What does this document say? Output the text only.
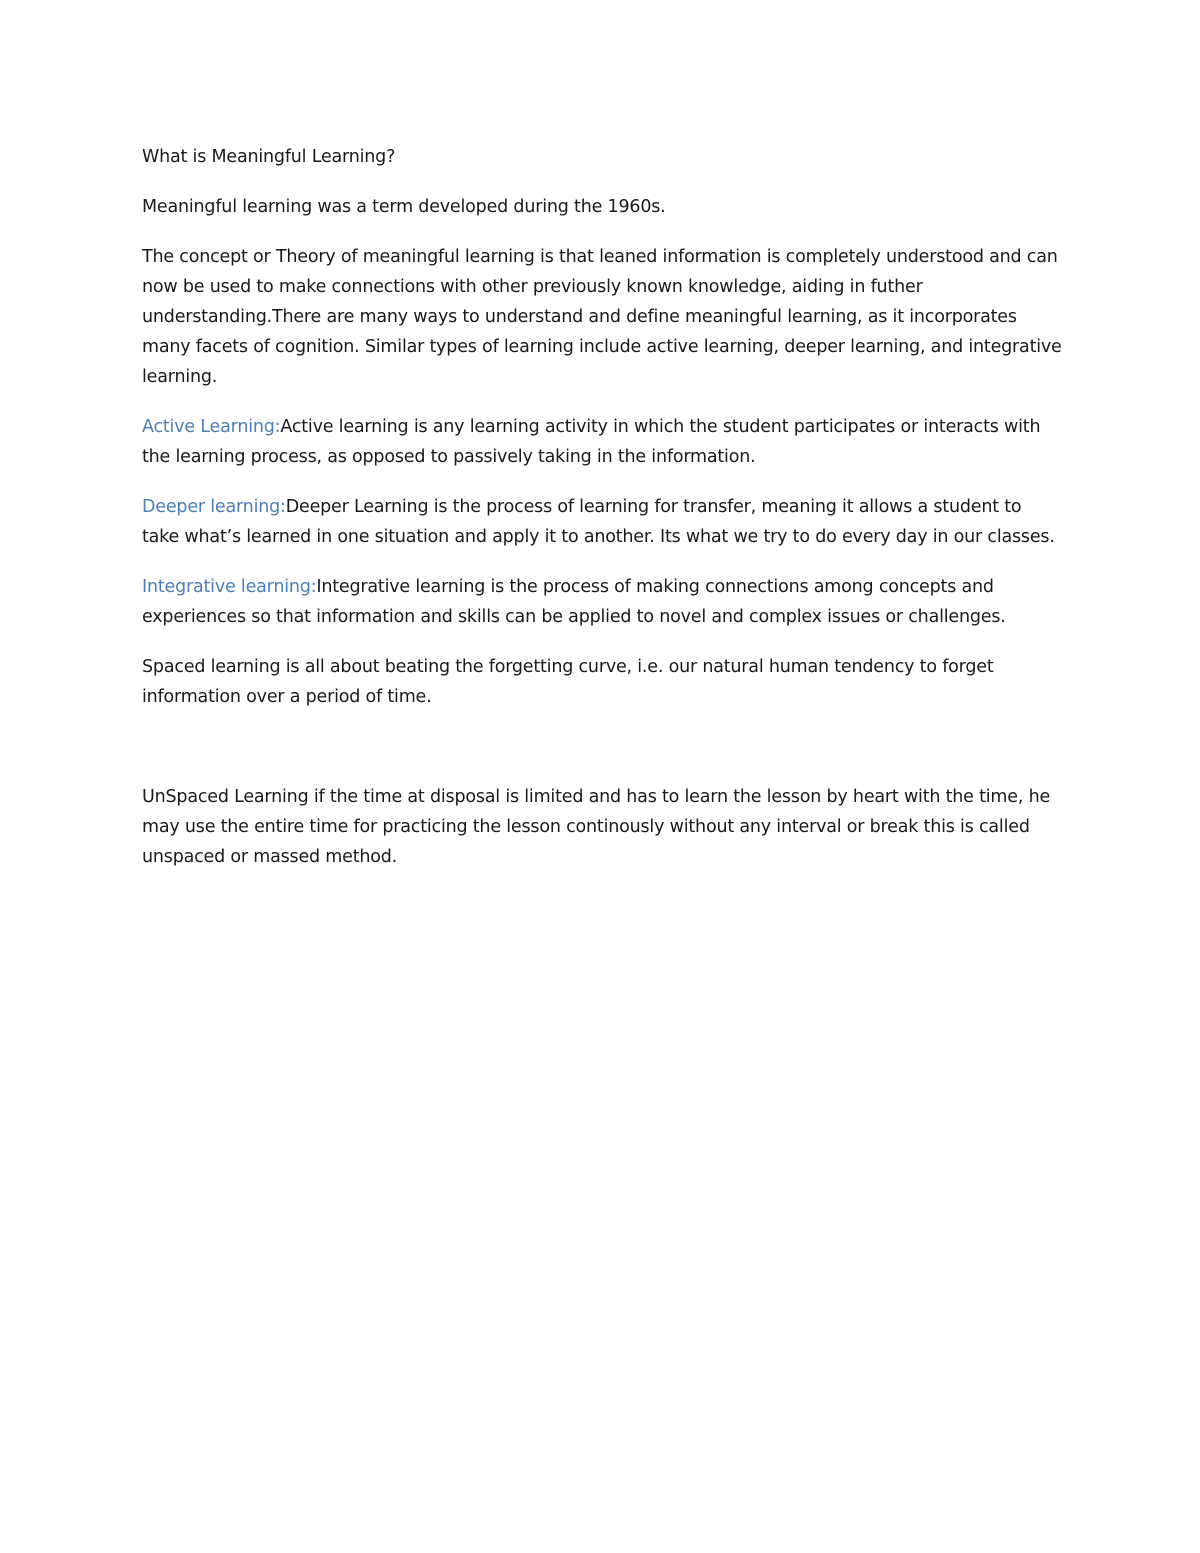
What is Meaningful Learning?

Meaningful learning was a term developed during the 1960s.

The concept or Theory of meaningful learning is that leaned information is completely understood and can now be used to make connections with other previously known knowledge, aiding in futher understanding.There are many ways to understand and define meaningful learning, as it incorporates many facets of cognition. Similar types of learning include active learning, deeper learning, and integrative learning.

Active Learning:Active learning is any learning activity in which the student participates or interacts with the learning process, as opposed to passively taking in the information.

Deeper learning:Deeper Learning is the process of learning for transfer, meaning it allows a student to take what’s learned in one situation and apply it to another. Its what we try to do every day in our classes.

Integrative learning:Integrative learning is the process of making connections among concepts and experiences so that information and skills can be applied to novel and complex issues or challenges.

Spaced learning is all about beating the forgetting curve, i.e. our natural human tendency to forget information over a period of time.

UnSpaced Learning if the time at disposal is limited and has to learn the lesson by heart with the time, he may use the entire time for practicing the lesson continously without any interval or break this is called unspaced or massed method.
